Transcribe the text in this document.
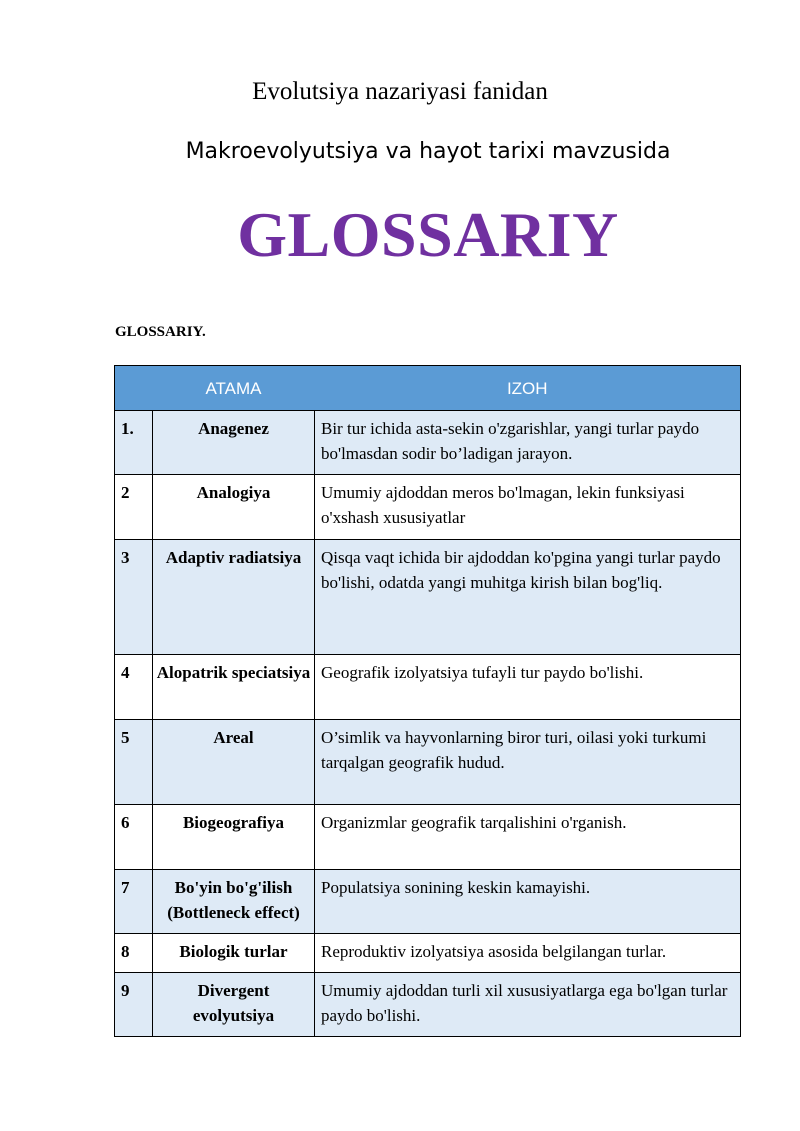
Evolutsiya nazariyasi fanidan
Makroevolyutsiya va hayot tarixi mavzusida
GLOSSARIY
GLOSSARIY.
	ATAMA	IZOH
1.	Anagenez	Bir tur ichida asta-sekin o'zgarishlar, yangi turlar paydo bo'lmasdan sodir bo’ladigan jarayon.
2	Analogiya	Umumiy ajdoddan meros bo'lmagan, lekin funksiyasi o'xshash xususiyatlar
3	Adaptiv radiatsiya	Qisqa vaqt ichida bir ajdoddan ko'pgina yangi turlar paydo bo'lishi, odatda yangi muhitga kirish bilan bog'liq.
4	Alopatrik speciatsiya	Geografik izolyatsiya tufayli tur paydo bo'lishi.
5	Areal	O’simlik va hayvonlarning biror turi, oilasi yoki turkumi tarqalgan geografik hudud.
6	Biogeografiya	Organizmlar geografik tarqalishini o'rganish.
7	Bo'yin bo'g'ilish (Bottleneck effect)	Populatsiya sonining keskin kamayishi.
8	Biologik turlar	Reproduktiv izolyatsiya asosida belgilangan turlar.
9	Divergent evolyutsiya	Umumiy ajdoddan turli xil xususiyatlarga ega bo'lgan turlar paydo bo'lishi.
